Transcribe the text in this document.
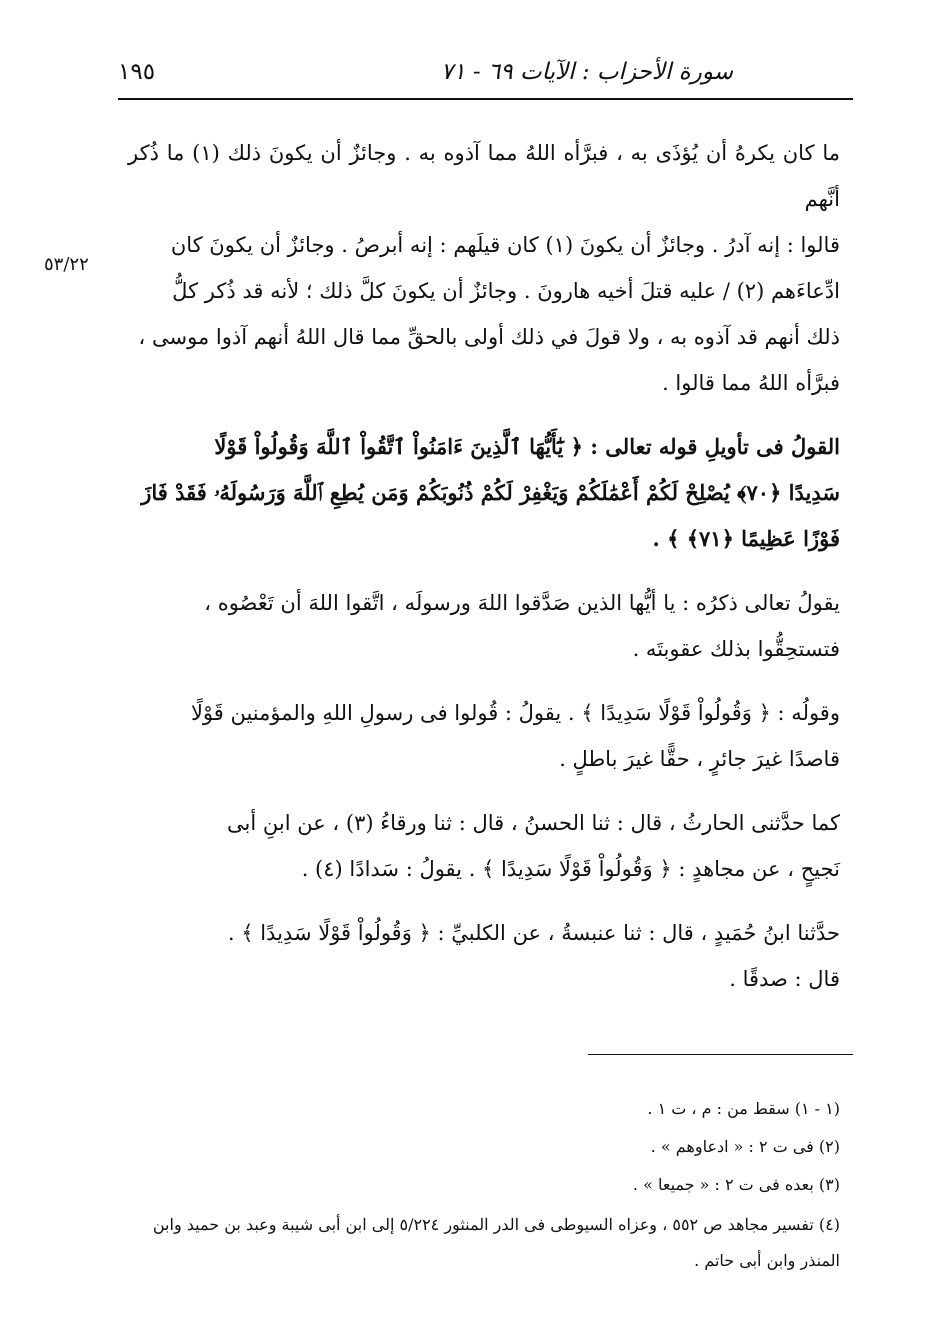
سورة الأحزاب : الآيات ٦٩ - ٧١
١٩٥
٥٣/٢٢

ما كان يكرهُ أن يُؤذَى به ، فبرَّأه اللهُ مما آذوه به . وجائزٌ أن يكونَ ذلك (١) ما ذُكر أنَّهم

قالوا : إنه آدرُ . وجائزٌ أن يكونَ (١) كان قيلَهم : إنه أبرصُ . وجائزٌ أن يكونَ كان

ادِّعاءَهم (٢) / عليه قتلَ أخيه هارونَ . وجائزٌ أن يكونَ كلَّ ذلك ؛ لأنه قد ذُكر كلُّ

ذلك أنهم قد آذوه به ، ولا قولَ في ذلك أولى بالحقِّ مما قال اللهُ أنهم آذوا موسى ،

فبرَّأه اللهُ مما قالوا .

القولُ فى تأويلِ قوله تعالى : ﴿ يَٰٓأَيُّهَا ٱلَّذِينَ ءَامَنُواْ ٱتَّقُواْ ٱللَّهَ وَقُولُواْ قَوْلًا

سَدِيدًا ﴿٧٠﴾ يُصْلِحْ لَكُمْ أَعْمَٰلَكُمْ وَيَغْفِرْ لَكُمْ ذُنُوبَكُمْ وَمَن يُطِعِ ٱللَّهَ وَرَسُولَهُۥ فَقَدْ فَازَ

فَوْزًا عَظِيمًا ﴿٧١﴾ ﴾ .

يقولُ تعالى ذكرُه : يا أيُّها الذين صَدَّقوا اللهَ ورسولَه ، اتَّقوا اللهَ أن تَعْصُوه ،

فتستحِقُّوا بذلك عقوبتَه .

وقولُه : ﴿ وَقُولُواْ قَوْلًا سَدِيدًا ﴾ . يقولُ : قُولوا فى رسولِ اللهِ والمؤمنين قَوْلًا

قاصدًا غيرَ جائرٍ ، حقًّا غيرَ باطلٍ .

كما حدَّثنى الحارثُ ، قال : ثنا الحسنُ ، قال : ثنا ورقاءُ (٣) ، عن ابنِ أبى

نَجيحٍ ، عن مجاهدٍ : ﴿ وَقُولُواْ قَوْلًا سَدِيدًا ﴾ . يقولُ : سَدادًا (٤) .

حدَّثنا ابنُ حُمَيدٍ ، قال : ثنا عنبسةُ ، عن الكلبيِّ : ﴿ وَقُولُواْ قَوْلًا سَدِيدًا ﴾ .

قال : صدقًا .

(١ - ١) سقط من : م ، ت ١ .

(٢) فى ت ٢ : « ادعاوهم » .

(٣) بعده فى ت ٢ : « جميعا » .

(٤) تفسير مجاهد ص ٥٥٢ ، وعزاه السيوطى فى الدر المنثور ٥/٢٢٤ إلى ابن أبى شيبة وعبد بن حميد وابن

المنذر وابن أبى حاتم .
